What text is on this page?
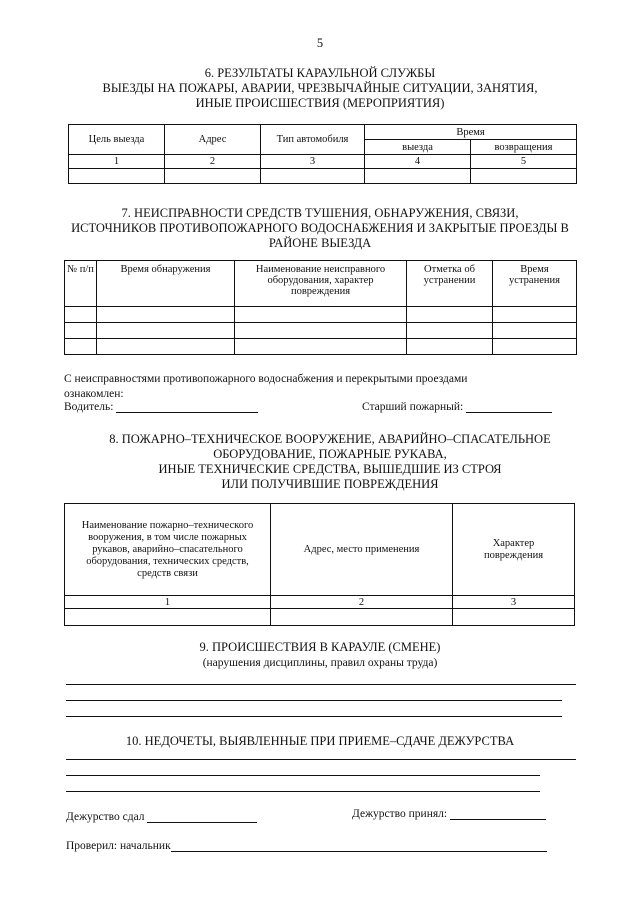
5
6. РЕЗУЛЬТАТЫ КАРАУЛЬНОЙ СЛУЖБЫ
ВЫЕЗДЫ НА ПОЖАРЫ, АВАРИИ, ЧРЕЗВЫЧАЙНЫЕ СИТУАЦИИ, ЗАНЯТИЯ,
ИНЫЕ ПРОИСШЕСТВИЯ (МЕРОПРИЯТИЯ)
Цель выезда	Адрес	Тип автомобиля	Время	
			выезда	возвращения
1	2	3	4	5

7. НЕИСПРАВНОСТИ СРЕДСТВ ТУШЕНИЯ, ОБНАРУЖЕНИЯ, СВЯЗИ,
ИСТОЧНИКОВ ПРОТИВОПОЖАРНОГО ВОДОСНАБЖЕНИЯ И ЗАКРЫТЫЕ ПРОЕЗДЫ В
РАЙОНЕ ВЫЕЗДА
№ п/п	Время обнаружения	Наименование неисправного оборудования, характер повреждения	Отметка об устранении	Время устранения

С неисправностями противопожарного водоснабжения и перекрытыми проездами
ознакомлен:
Водитель:	Старший пожарный:
8. ПОЖАРНО–ТЕХНИЧЕСКОЕ ВООРУЖЕНИЕ, АВАРИЙНО–СПАСАТЕЛЬНОЕ
ОБОРУДОВАНИЕ, ПОЖАРНЫЕ РУКАВА,
ИНЫЕ ТЕХНИЧЕСКИЕ СРЕДСТВА, ВЫШЕДШИЕ ИЗ СТРОЯ
ИЛИ ПОЛУЧИВШИЕ ПОВРЕЖДЕНИЯ
Наименование пожарно–технического вооружения, в том числе пожарных рукавов, аварийно–спасательного оборудования, технических средств, средств связи	Адрес, место применения	Характер повреждения
1	2	3

9. ПРОИСШЕСТВИЯ В КАРАУЛЕ (СМЕНЕ)
(нарушения дисциплины, правил охраны труда)
10. НЕДОЧЕТЫ, ВЫЯВЛЕННЫЕ ПРИ ПРИЕМЕ–СДАЧЕ ДЕЖУРСТВА
Дежурство сдал	Дежурство принял:
Проверил: начальник
